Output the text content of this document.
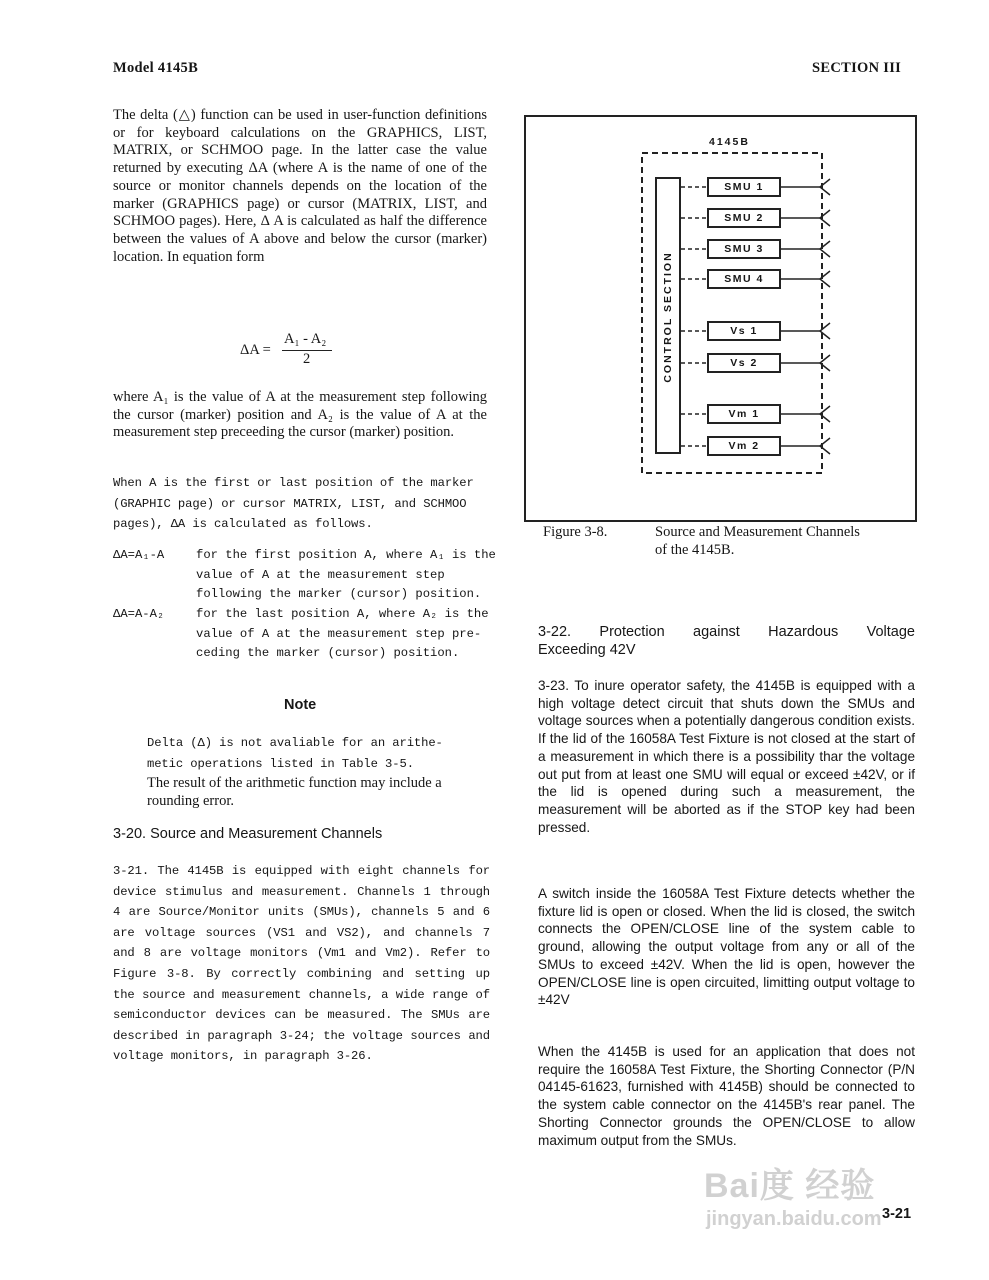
Model 4145B	SECTION III

The delta (△) function can be used in user-function definitions or for keyboard calculations on the GRAPHICS, LIST, MATRIX, or SCHMOO page. In the latter case the value returned by executing ΔA (where A is the name of one of the source or monitor channels depends on the location of the marker (GRAPHICS page) or cursor (MATRIX, LIST, and SCHMOO pages). Here, Δ A is calculated as half the difference between the values of A above and below the cursor (marker) location. In equation form

ΔA =
A₁ - A₂
2

where A₁ is the value of A at the measurement step following the cursor (marker) position and A₂ is the value of A at the measurement step preceeding the cursor (marker) position.

When A is the first or last position of the marker (GRAPHIC page) or cursor MATRIX, LIST, and SCHMOO pages), ΔA is calculated as follows.

ΔA=A₁-A	for the first position A, where A₁ is the value of A at the measurement step following the marker (cursor) position.
ΔA=A-A₂	for the last position A, where A₂ is the value of A at the measurement step pre-ceding the marker (cursor) position.
Note

Delta (Δ) is not avaliable for an arithe-metic operations listed in Table 3-5.

The result of the arithmetic function may include a rounding error.

3-20. Source and Measurement Channels

3-21. The 4145B is equipped with eight channels for device stimulus and measurement. Channels 1 through 4 are Source/Monitor units (SMUs), channels 5 and 6 are voltage sources (VS1 and VS2), and channels 7 and 8 are voltage monitors (Vm1 and Vm2). Refer to Figure 3-8. By correctly combining and setting up the source and measurement channels, a wide range of semiconductor devices can be measured. The SMUs are described in paragraph 3-24; the voltage sources and voltage monitors, in paragraph 3-26.

4145B
CONTROL SECTION
SMU 1
SMU 2
SMU 3
SMU 4
Vs 1
Vs 2
Vm 1
Vm 2
Figure 3-8.	Source and Measurement Channels
of the 4145B.
3-22. Protection against Hazardous Voltage
Exceeding 42V

3-23. To inure operator safety, the 4145B is equipped with a high voltage detect circuit that shuts down the SMUs and voltage sources when a potentially dangerous condition exists. If the lid of the 16058A Test Fixture is not closed at the start of a measurement in which there is a possibility thar the voltage out put from at least one SMU will equal or exceed ±42V, or if the lid is opened during such a measurement, the measurement will be aborted as if the STOP key had been pressed.

A switch inside the 16058A Test Fixture detects whether the fixture lid is open or closed. When the lid is closed, the switch connects the OPEN/CLOSE line of the system cable to ground, allowing the output voltage from any or all of the SMUs to exceed ±42V. When the lid is open, however the OPEN/CLOSE line is open circuited, limitting output voltage to ±42V

When the 4145B is used for an application that does not require the 16058A Test Fixture, the Shorting Connector (P/N 04145-61623, furnished with 4145B) should be connected to the system cable connector on the 4145B's rear panel. The Shorting Connector grounds the OPEN/CLOSE to allow maximum output from the SMUs.

3-21
Bai度 经验
jingyan.baidu.com
